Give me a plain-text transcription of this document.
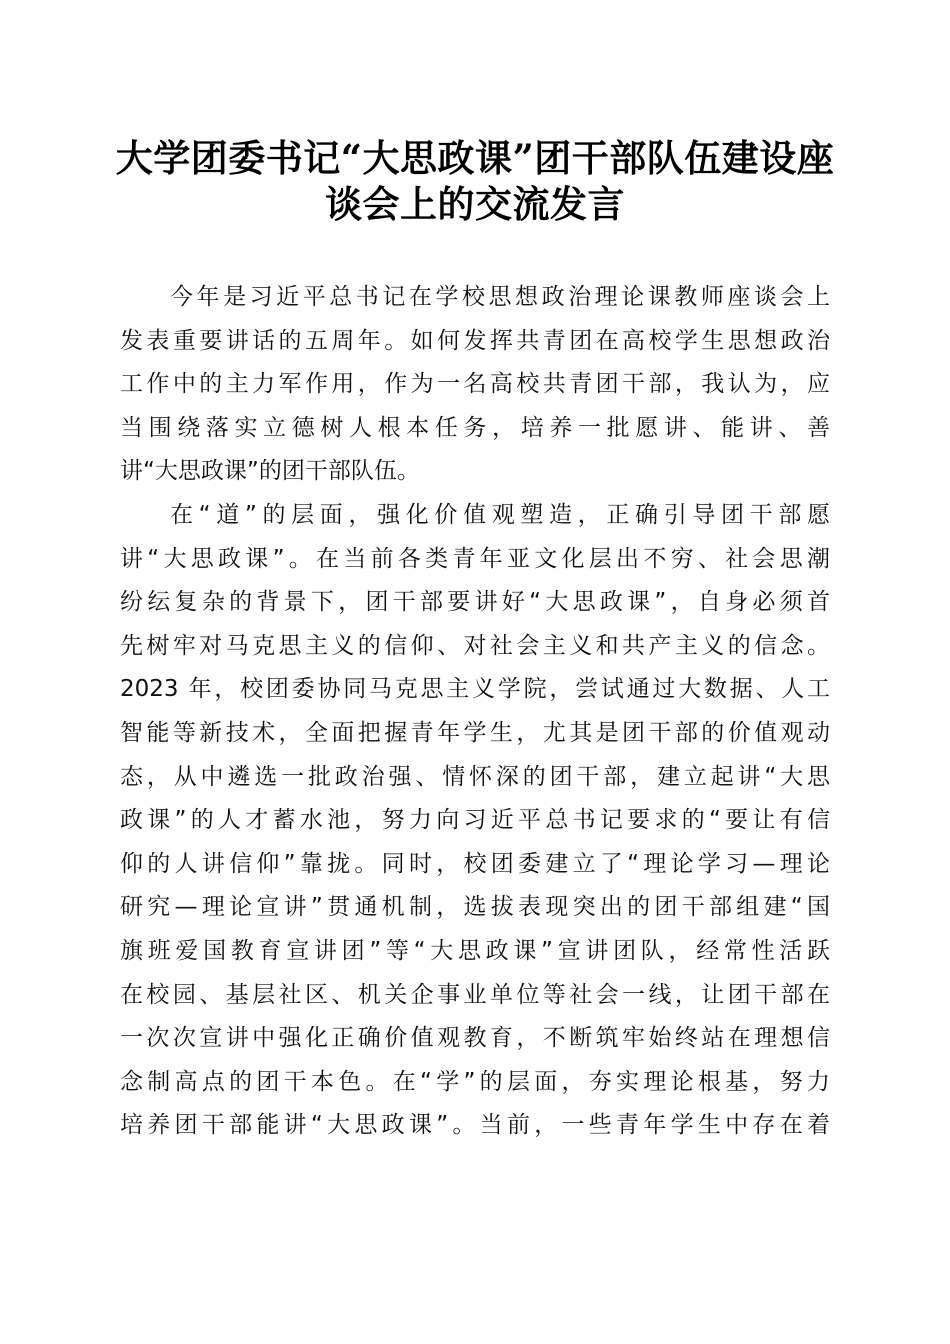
大学团委书记“大思政课”团干部队伍建设座
谈会上的交流发言
今年是习近平总书记在学校思想政治理论课教师座谈会上
发表重要讲话的五周年。如何发挥共青团在高校学生思想政治
工作中的主力军作用，作为一名高校共青团干部，我认为，应
当围绕落实立德树人根本任务，培养一批愿讲、能讲、善
讲“大思政课”的团干部队伍。
在“道”的层面，强化价值观塑造，正确引导团干部愿
讲“大思政课”。在当前各类青年亚文化层出不穷、社会思潮
纷纭复杂的背景下，团干部要讲好“大思政课”，自身必须首
先树牢对马克思主义的信仰、对社会主义和共产主义的信念。
2023 年，校团委协同马克思主义学院，尝试通过大数据、人工
智能等新技术，全面把握青年学生，尤其是团干部的价值观动
态，从中遴选一批政治强、情怀深的团干部，建立起讲“大思
政课”的人才蓄水池，努力向习近平总书记要求的“要让有信
仰的人讲信仰”靠拢。同时，校团委建立了“理论学习—理论
研究—理论宣讲”贯通机制，选拔表现突出的团干部组建“国
旗班爱国教育宣讲团”等“大思政课”宣讲团队，经常性活跃
在校园、基层社区、机关企事业单位等社会一线，让团干部在
一次次宣讲中强化正确价值观教育，不断筑牢始终站在理想信
念制高点的团干本色。在“学”的层面，夯实理论根基，努力
培养团干部能讲“大思政课”。当前，一些青年学生中存在着
